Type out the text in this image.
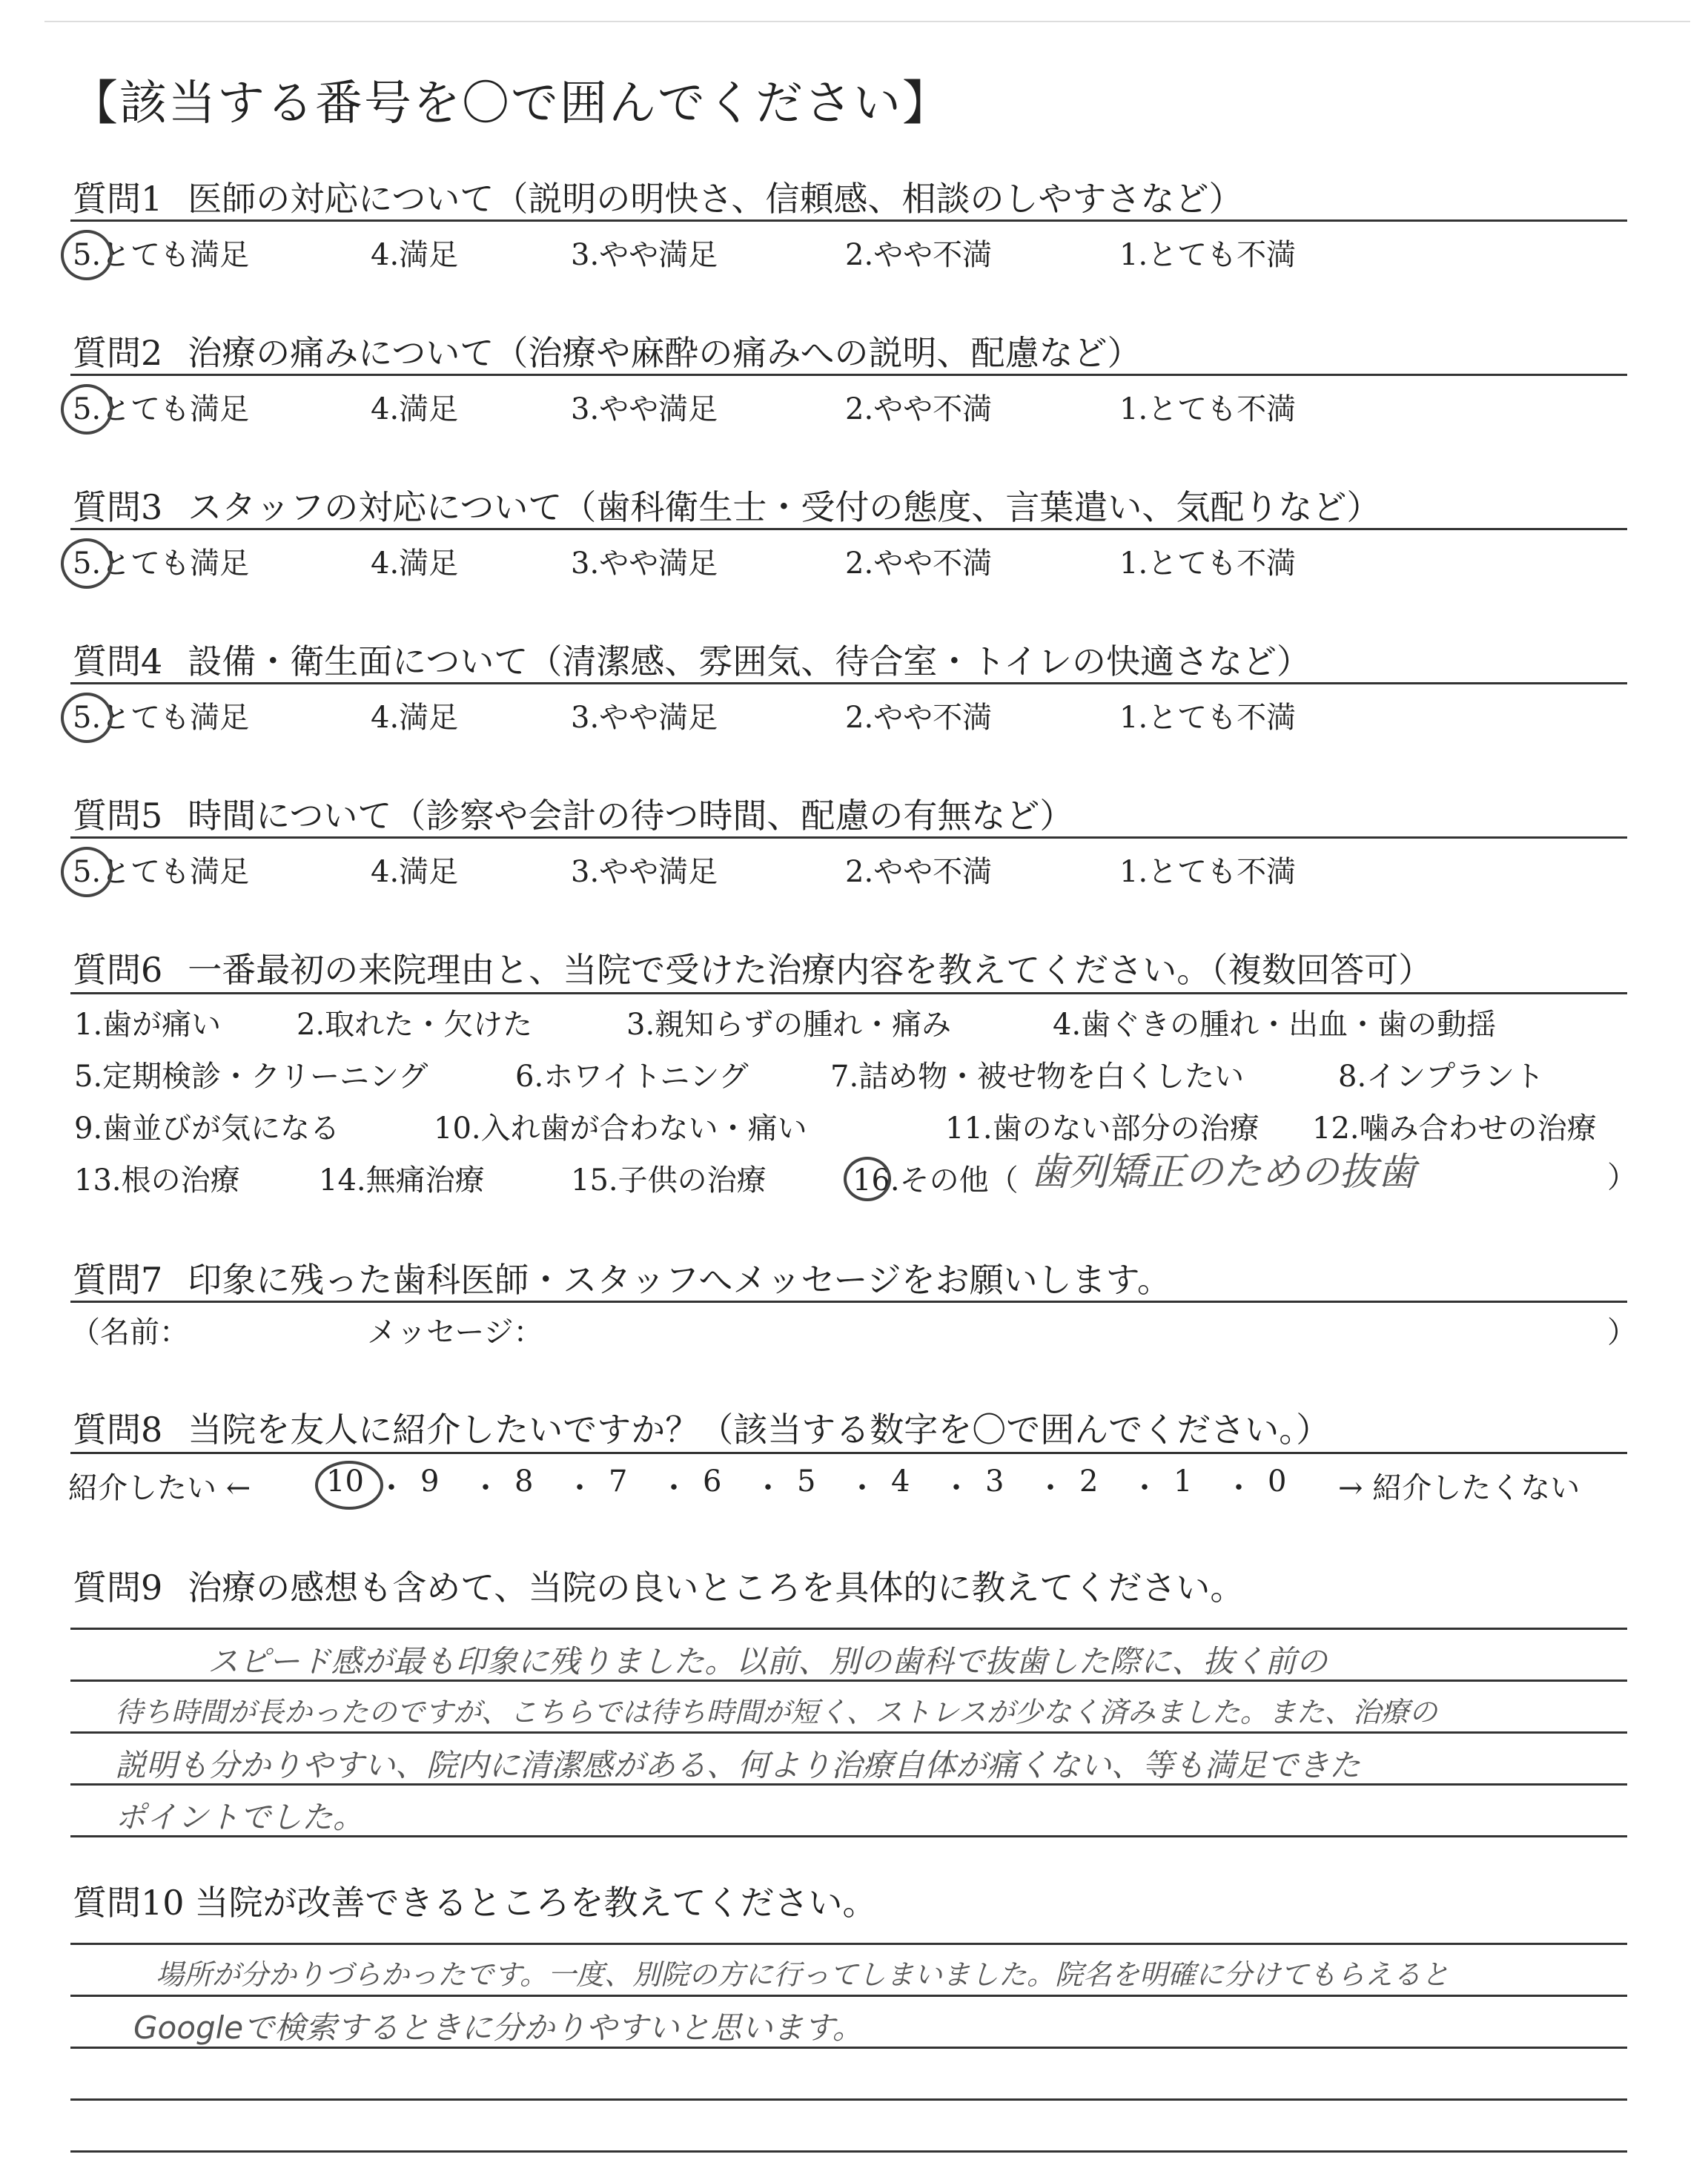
【該当する番号を〇で囲んでください】
質問1 医師の対応について（説明の明快さ、信頼感、相談のしやすさなど）
5.とても満足	4.満足	3.やや満足	2.やや不満	1.とても不満
質問2 治療の痛みについて（治療や麻酔の痛みへの説明、配慮など）
5.とても満足	4.満足	3.やや満足	2.やや不満	1.とても不満
質問3 スタッフの対応について（歯科衛生士・受付の態度、言葉遣い、気配りなど）
5.とても満足	4.満足	3.やや満足	2.やや不満	1.とても不満
質問4 設備・衛生面について（清潔感、雰囲気、待合室・トイレの快適さなど）
5.とても満足	4.満足	3.やや満足	2.やや不満	1.とても不満
質問5 時間について（診察や会計の待つ時間、配慮の有無など）
5.とても満足	4.満足	3.やや満足	2.やや不満	1.とても不満
質問6 一番最初の来院理由と、当院で受けた治療内容を教えてください。（複数回答可）
1.歯が痛い	2.取れた・欠けた	3.親知らずの腫れ・痛み	4.歯ぐきの腫れ・出血・歯の動揺
5.定期検診・クリーニング	6.ホワイトニング	7.詰め物・被せ物を白くしたい	8.インプラント
9.歯並びが気になる	10.入れ歯が合わない・痛い	11.歯のない部分の治療 12.噛み合わせの治療
13.根の治療	14.無痛治療	15.子供の治療	16.その他（	）
歯列矯正のための抜歯
質問7 印象に残った歯科医師・スタッフへメッセージをお願いします。
（名前：	メッセージ：	）
質問8 当院を友人に紹介したいですか？（該当する数字を〇で囲んでください。）
紹介したい ←	10 ・ 9 ・ 8 ・ 7 ・ 6 ・ 5 ・ 4 ・ 3 ・ 2 ・ 1 ・ 0 → 紹介したくない
質問9 治療の感想も含めて、当院の良いところを具体的に教えてください。
スピード感が最も印象に残りました。以前、別の歯科で抜歯した際に、抜く前の
待ち時間が長かったのですが、こちらでは待ち時間が短く、ストレスが少なく済みました。また、治療の
説明も分かりやすい、院内に清潔感がある、何より治療自体が痛くない、等も満足できた
ポイントでした。
質問10 当院が改善できるところを教えてください。
場所が分かりづらかったです。一度、別院の方に行ってしまいました。院名を明確に分けてもらえると
Googleで検索するときに分かりやすいと思います。
